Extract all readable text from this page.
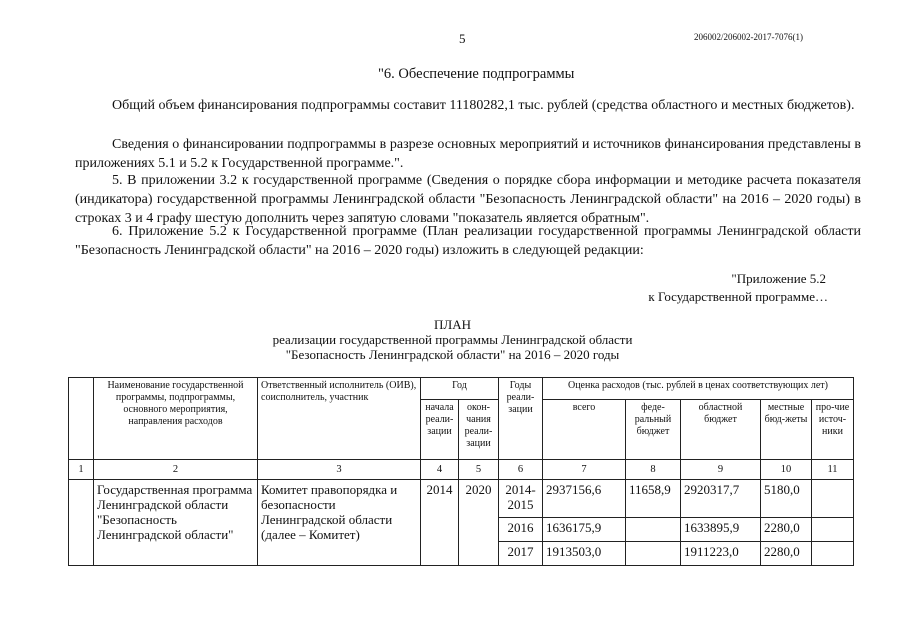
5	206002/206002-2017-7076(1)
"6. Обеспечение подпрограммы
Общий объем финансирования подпрограммы составит 11180282,1 тыс. рублей (средства областного и местных бюджетов).
Сведения о финансировании подпрограммы в разрезе основных мероприятий и источников финансирования представлены в приложениях 5.1 и 5.2 к Государственной программе.".
5. В приложении 3.2 к государственной программе (Сведения о порядке сбора информации и методике расчета показателя (индикатора) государственной программы Ленинградской области "Безопасность Ленинградской области" на 2016 – 2020 годы) в строках 3 и 4 графу шестую дополнить через запятую словами "показатель является обратным".
6. Приложение 5.2 к Государственной программе (План реализации государственной программы Ленинградской области "Безопасность Ленинградской области" на 2016 – 2020 годы) изложить в следующей редакции:
"Приложение 5.2
к Государственной программе…
ПЛАН
реализации государственной программы Ленинградской области
"Безопасность Ленинградской области" на 2016 – 2020 годы
	Наименование государственной программы, подпрограммы, основного мероприятия, направления расходов	Ответственный исполнитель (ОИВ), соисполнитель, участник	Год		Годы реали-зации	Оценка расходов (тыс. рублей в ценах соответствующих лет)				
			начала реали-зации	окон-чания реали-зации		всего	феде-ральный бюджет	областной бюджет	местные бюд-жеты	про-чие источ-ники
1	2	3	4	5	6	7	8	9	10	11
	Государственная программа Ленинградской области "Безопасность Ленинградской области"	Комитет правопорядка и безопасности Ленинградской области (далее – Комитет)	2014	2020	2014-2015	2937156,6	11658,9	2920317,7	5180,0	
					2016	1636175,9		1633895,9	2280,0	
					2017	1913503,0		1911223,0	2280,0	
